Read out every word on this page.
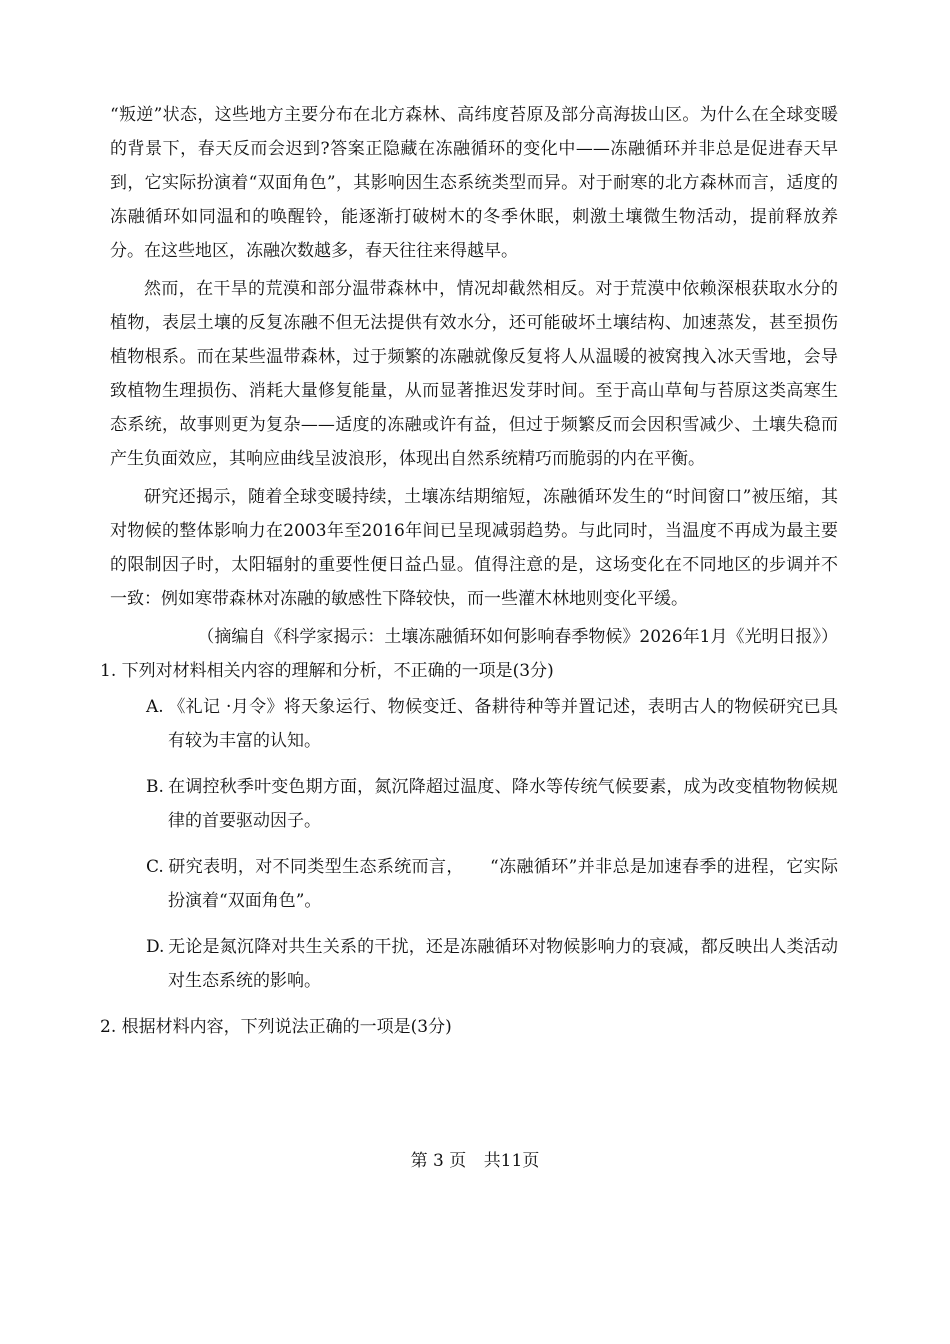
“叛逆”状态，这些地方主要分布在北方森林、高纬度苔原及部分高海拔山区。为什么在全球变暖的背景下，春天反而会迟到?答案正隐藏在冻融循环的变化中——冻融循环并非总是促进春天早到，它实际扮演着“双面角色”，其影响因生态系统类型而异。对于耐寒的北方森林而言，适度的冻融循环如同温和的唤醒铃，能逐渐打破树木的冬季休眠，刺激土壤微生物活动，提前释放养分。在这些地区，冻融次数越多，春天往往来得越早。

然而，在干旱的荒漠和部分温带森林中，情况却截然相反。对于荒漠中依赖深根获取水分的植物，表层土壤的反复冻融不但无法提供有效水分，还可能破坏土壤结构、加速蒸发，甚至损伤植物根系。而在某些温带森林，过于频繁的冻融就像反复将人从温暖的被窝拽入冰天雪地，会导致植物生理损伤、消耗大量修复能量，从而显著推迟发芽时间。至于高山草甸与苔原这类高寒生态系统，故事则更为复杂——适度的冻融或许有益，但过于频繁反而会因积雪减少、土壤失稳而产生负面效应，其响应曲线呈波浪形，体现出自然系统精巧而脆弱的内在平衡。

研究还揭示，随着全球变暖持续，土壤冻结期缩短，冻融循环发生的“时间窗口”被压缩，其对物候的整体影响力在2003年至2016年间已呈现减弱趋势。与此同时，当温度不再成为最主要的限制因子时，太阳辐射的重要性便日益凸显。值得注意的是，这场变化在不同地区的步调并不一致：例如寒带森林对冻融的敏感性下降较快，而一些灌木林地则变化平缓。

（摘编自《科学家揭示：土壤冻融循环如何影响春季物候》2026年1月《光明日报》）

1. 下列对材料相关内容的理解和分析，不正确的一项是(3分)

A. 《礼记 ·月令》将天象运行、物候变迁、备耕待种等并置记述，表明古人的物候研究已具有较为丰富的认知。
B. 在调控秋季叶变色期方面，氮沉降超过温度、降水等传统气候要素，成为改变植物物候规律的首要驱动因子。
C. 研究表明，对不同类型生态系统而言，　　“冻融循环”并非总是加速春季的进程，它实际扮演着“双面角色”。
D. 无论是氮沉降对共生关系的干扰，还是冻融循环对物候影响力的衰减，都反映出人类活动对生态系统的影响。

2. 根据材料内容，下列说法正确的一项是(3分)

第 3 页 共11页
